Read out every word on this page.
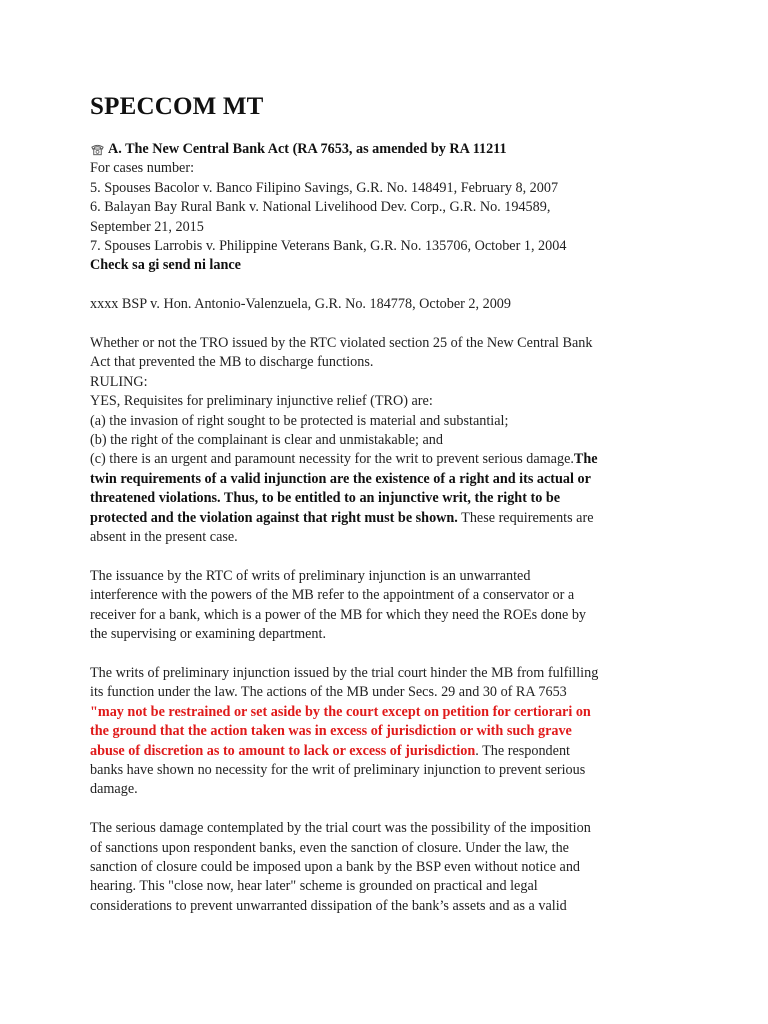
SPECCOM MT
A. The New Central Bank Act (RA 7653, as amended by RA 11211

For cases number:

5. Spouses Bacolor v. Banco Filipino Savings, G.R. No. 148491, February 8, 2007

6. Balayan Bay Rural Bank v. National Livelihood Dev. Corp., G.R. No. 194589,

September 21, 2015

7. Spouses Larrobis v. Philippine Veterans Bank, G.R. No. 135706, October 1, 2004

Check sa gi send ni lance

xxxx BSP v. Hon. Antonio-Valenzuela, G.R. No. 184778, October 2, 2009

Whether or not the TRO issued by the RTC violated section 25 of the New Central Bank

Act that prevented the MB to discharge functions.

RULING:

YES, Requisites for preliminary injunctive relief (TRO) are:

(a) the invasion of right sought to be protected is material and substantial;

(b) the right of the complainant is clear and unmistakable; and

(c) there is an urgent and paramount necessity for the writ to prevent serious damage.The

twin requirements of a valid injunction are the existence of a right and its actual or

threatened violations. Thus, to be entitled to an injunctive writ, the right to be

protected and the violation against that right must be shown. These requirements are

absent in the present case.

The issuance by the RTC of writs of preliminary injunction is an unwarranted

interference with the powers of the MB refer to the appointment of a conservator or a

receiver for a bank, which is a power of the MB for which they need the ROEs done by

the supervising or examining department.

The writs of preliminary injunction issued by the trial court hinder the MB from fulfilling

its function under the law. The actions of the MB under Secs. 29 and 30 of RA 7653

"may not be restrained or set aside by the court except on petition for certiorari on

the ground that the action taken was in excess of jurisdiction or with such grave

abuse of discretion as to amount to lack or excess of jurisdiction. The respondent

banks have shown no necessity for the writ of preliminary injunction to prevent serious

damage.

The serious damage contemplated by the trial court was the possibility of the imposition

of sanctions upon respondent banks, even the sanction of closure. Under the law, the

sanction of closure could be imposed upon a bank by the BSP even without notice and

hearing. This "close now, hear later" scheme is grounded on practical and legal

considerations to prevent unwarranted dissipation of the bank’s assets and as a valid
